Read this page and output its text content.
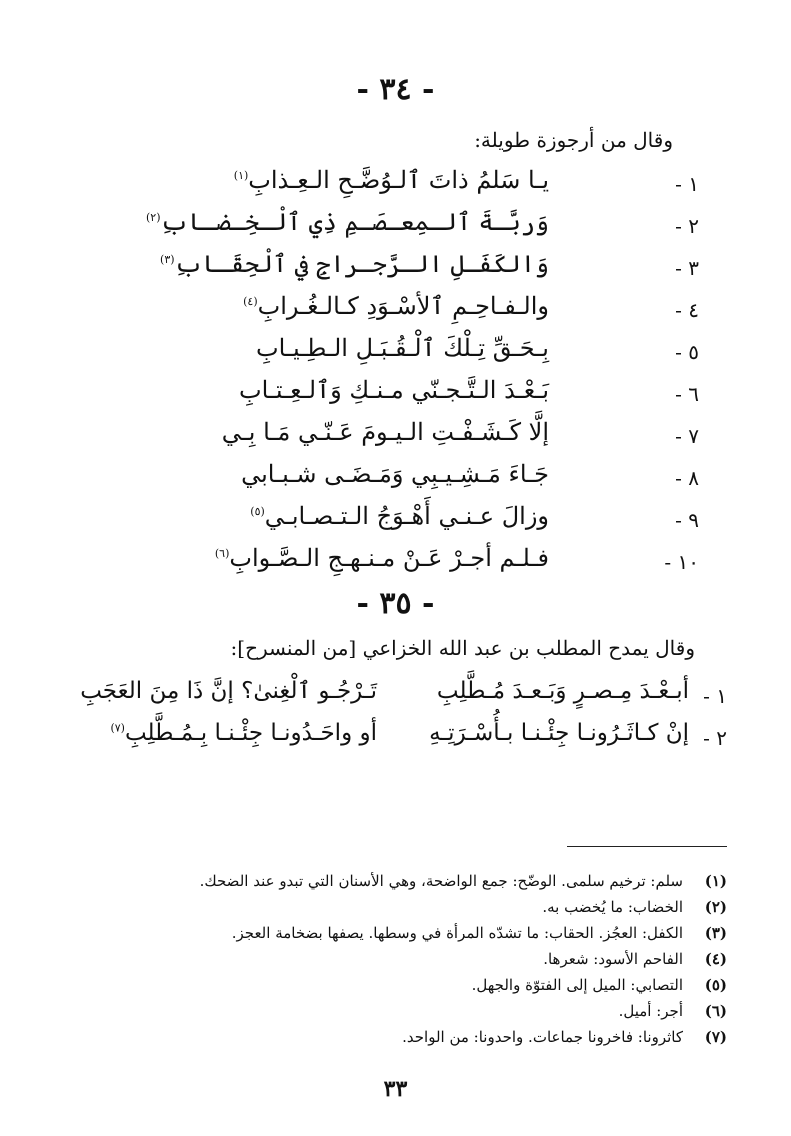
- ٣٤ -
وقال من أرجوزة طويلة:
١ -
يـا سَلمُ ذاتَ ٱلـوُضَّـحِ الـعِـذابِ$^{(١)}$
٢ -
وَربَّـةَ ٱلـمِعـصَـمِ ذِي ٱلْـخِـضـابِ$^{(٢)}$
٣ -
وَالكَفَـلِ الـرَّجـراجِ في ٱلْحِقَـابِ$^{(٣)}$
٤ -
والـفـاحِـمِ ٱلأسْـوَدِ كـالـغُـرابِ$^{(٤)}$
٥ -
بِـحَـقِّ تِـلْكَ ٱلْـقُـبَـلِ الـطِـيـابِ
٦ -
بَـعْـدَ الـتَّـجـنّي مـنـكِ وَٱلـعِـتـابِ
٧ -
إلَّا كَـشَـفْـتِ الـيـومَ عَـنّـي مَـا بِـي
٨ -
جَـاءَ مَـشِـيـبِي وَمَـضَـى شـبـابي
٩ -
وزالَ عـنـي أَهْـوَجُ الـتـصـابـي$^{(٥)}$
١٠ -
فـلـم أجـرْ عَـنْ مـنـهـجِ الـصَّـوابِ$^{(٦)}$
- ٣٥ -
وقال يمدح المطلب بن عبد الله الخزاعي [من المنسرح]:
١ -
أبـعْـدَ مِـصـرٍ وَبَـعـدَ مُـطَّلِبِ
تَـرْجُـو ٱلْغِنىٰ؟ إنَّ ذَا مِنَ العَجَبِ
٢ -
إنْ كـاثَـرُونـا جِئْـنـا بـأُسْـرَتِـهِ
أو واحَـدُونـا جِئْـنـا بِـمُـطَّلِبِ$^{(٧)}$
(١)
سلم: ترخيم سلمى. الوضّح: جمع الواضحة، وهي الأسنان التي تبدو عند الضحك.
(٢)
الخضاب: ما يُخضب به.
(٣)
الكفل: العجُز. الحقاب: ما تشدّه المرأة في وسطها. يصفها بضخامة العجز.
(٤)
الفاحم الأسود: شعرها.
(٥)
التصابي: الميل إلى الفتوّة والجهل.
(٦)
أجر: أميل.
(٧)
كاثرونا: فاخرونا جماعات. واحدونا: من الواحد.
٣٣
